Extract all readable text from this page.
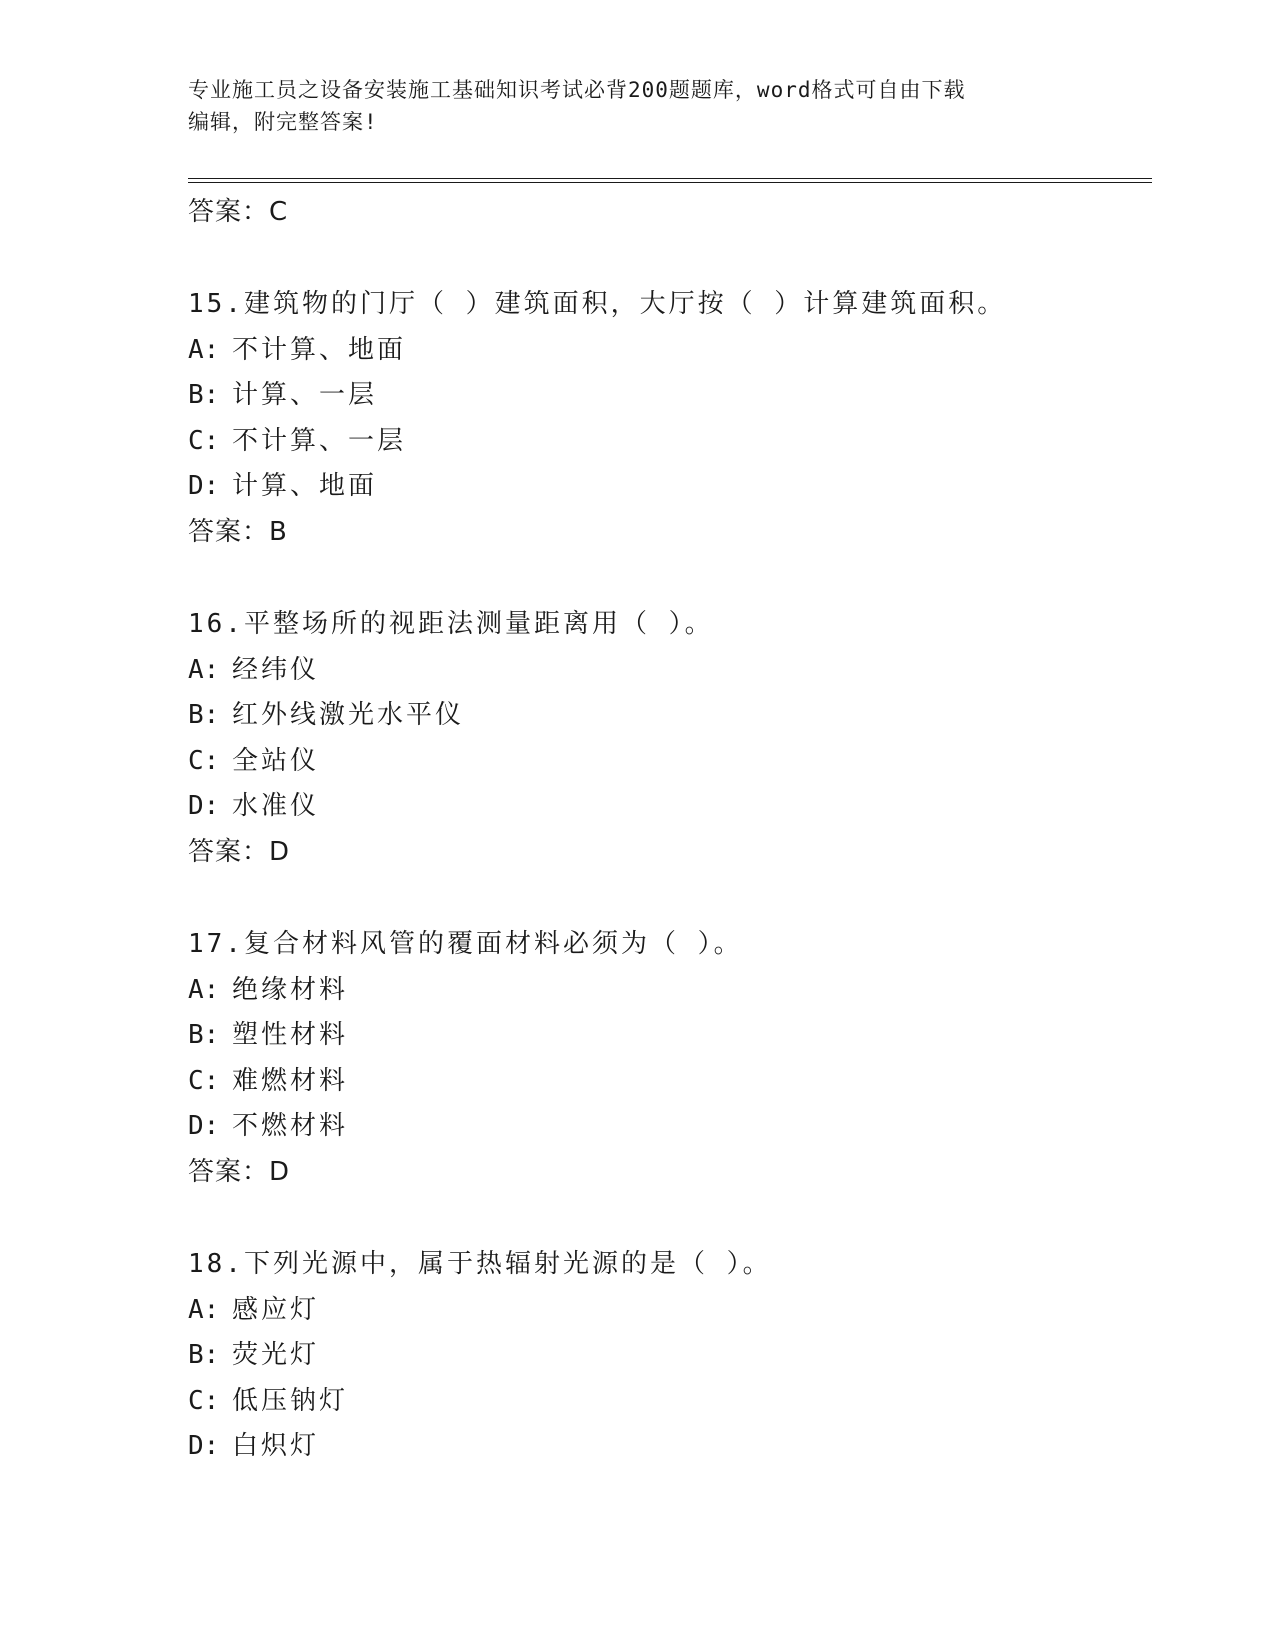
专业施工员之设备安装施工基础知识考试必背200题题库，word格式可自由下载
编辑，附完整答案!
答案：C
15.建筑物的门厅（ ）建筑面积，大厅按（ ）计算建筑面积。
A: 不计算、地面
B: 计算、一层
C: 不计算、一层
D: 计算、地面
答案：B
16.平整场所的视距法测量距离用（ ）。
A: 经纬仪
B: 红外线激光水平仪
C: 全站仪
D: 水准仪
答案：D
17.复合材料风管的覆面材料必须为（ ）。
A: 绝缘材料
B: 塑性材料
C: 难燃材料
D: 不燃材料
答案：D
18.下列光源中，属于热辐射光源的是（ ）。
A: 感应灯
B: 荧光灯
C: 低压钠灯
D: 白炽灯
